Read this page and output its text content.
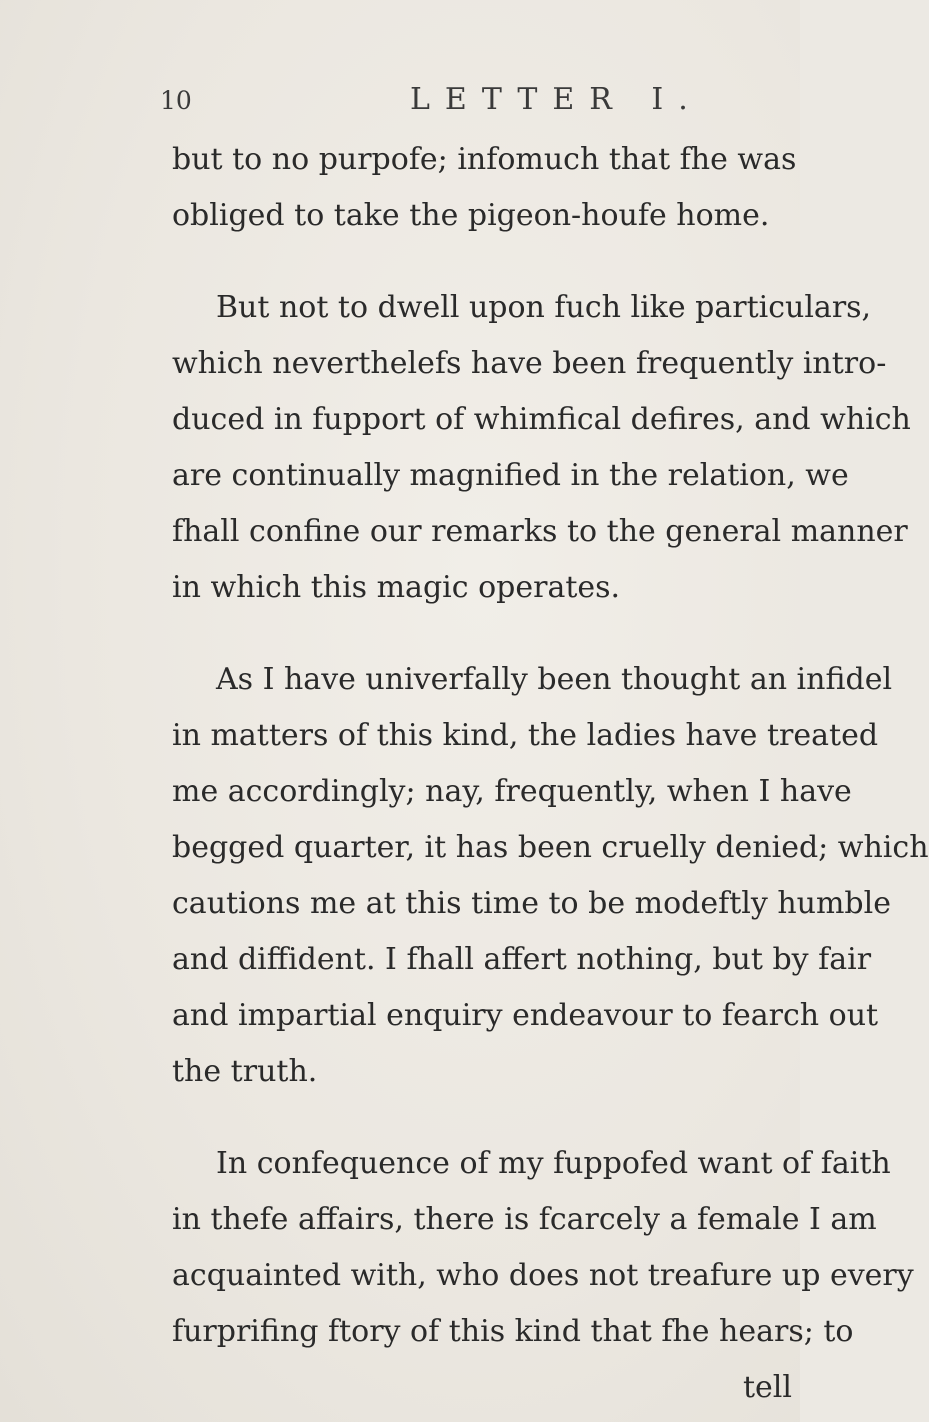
10	LETTER I.
but to no purpofe; infomuch that fhe was
obliged to take the pigeon-houfe home.
But not to dwell upon fuch like particulars,
which neverthelefs have been frequently intro-
duced in fupport of whimfical defires, and which
are continually magnified in the relation, we
fhall confine our remarks to the general manner
in which this magic operates.
As I have univerfally been thought an infidel
in matters of this kind, the ladies have treated
me accordingly; nay, frequently, when I have
begged quarter, it has been cruelly denied; which
cautions me at this time to be modeftly humble
and diffident. I fhall affert nothing, but by fair
and impartial enquiry endeavour to fearch out
the truth.
In confequence of my fuppofed want of faith
in thefe affairs, there is fcarcely a female I am
acquainted with, who does not treafure up every
furprifing ftory of this kind that fhe hears; to
tell
